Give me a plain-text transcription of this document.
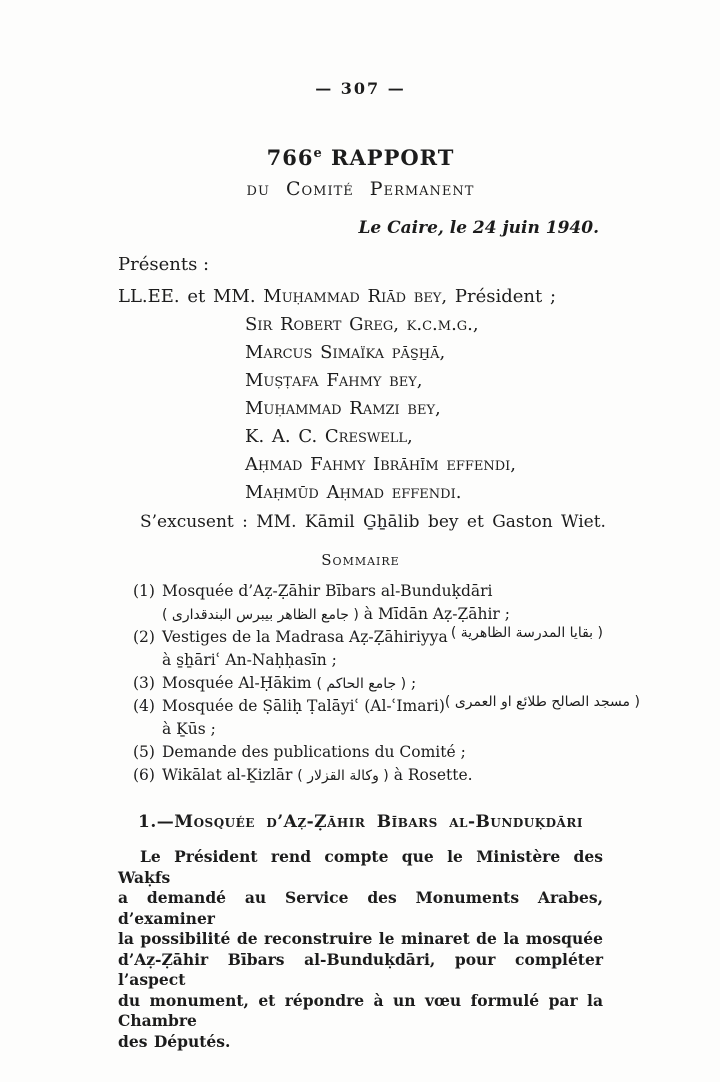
— 307 —
766e RAPPORT
du Comité Permanent
Le Caire, le 24 juin 1940.
Présents :
LL.EE. et MM. Muḥammad Riād bey, Président ;
Sir Robert Greg, k.c.m.g.,
Marcus Simaïka pās̱ẖā,
Muṣṭafa Fahmy bey,
Muḥammad Ramzi bey,
K. A. C. Creswell,
Aḥmad Fahmy Ibrāhīm effendi,
Maḥmūd Aḥmad effendi.
S’excusent : MM. Kāmil G̱ẖālib bey et Gaston Wiet.
Sommaire
(1) Mosquée d’Aẓ-Ẓāhir Bībars al-Bunduḳdāri
( جامع الظاهر بيبرس البندقدارى ) à Mīdān Aẓ-Ẓāhir ;
(2) Vestiges de la Madrasa Aẓ-Ẓāhiriyya ( بقايا المدرسة الظاهرية )
à s̱ẖāriʿ An-Naḥḥasīn ;
(3) Mosquée Al-Ḥākim ( جامع الحاكم ) ;
(4) Mosquée de Ṣāliḥ Ṭalāyiʿ (Al-ʿImari) ( مسجد الصالح طلائع او العمرى )
à Ḵūs ;
(5) Demande des publications du Comité ;
(6) Wikālat al-Ḵizlār ( وكالة القزلار ) à Rosette.
1.—Mosquée d’Aẓ-Ẓāhir Bībars al-Bunduḳdāri
Le Président rend compte que le Ministère des Waḳfs
a demandé au Service des Monuments Arabes, d’examiner
la possibilité de reconstruire le minaret de la mosquée
d’Aẓ-Ẓāhir Bībars al-Bunduḳdāri, pour compléter l’aspect
du monument, et répondre à un vœu formulé par la Chambre
des Députés.
